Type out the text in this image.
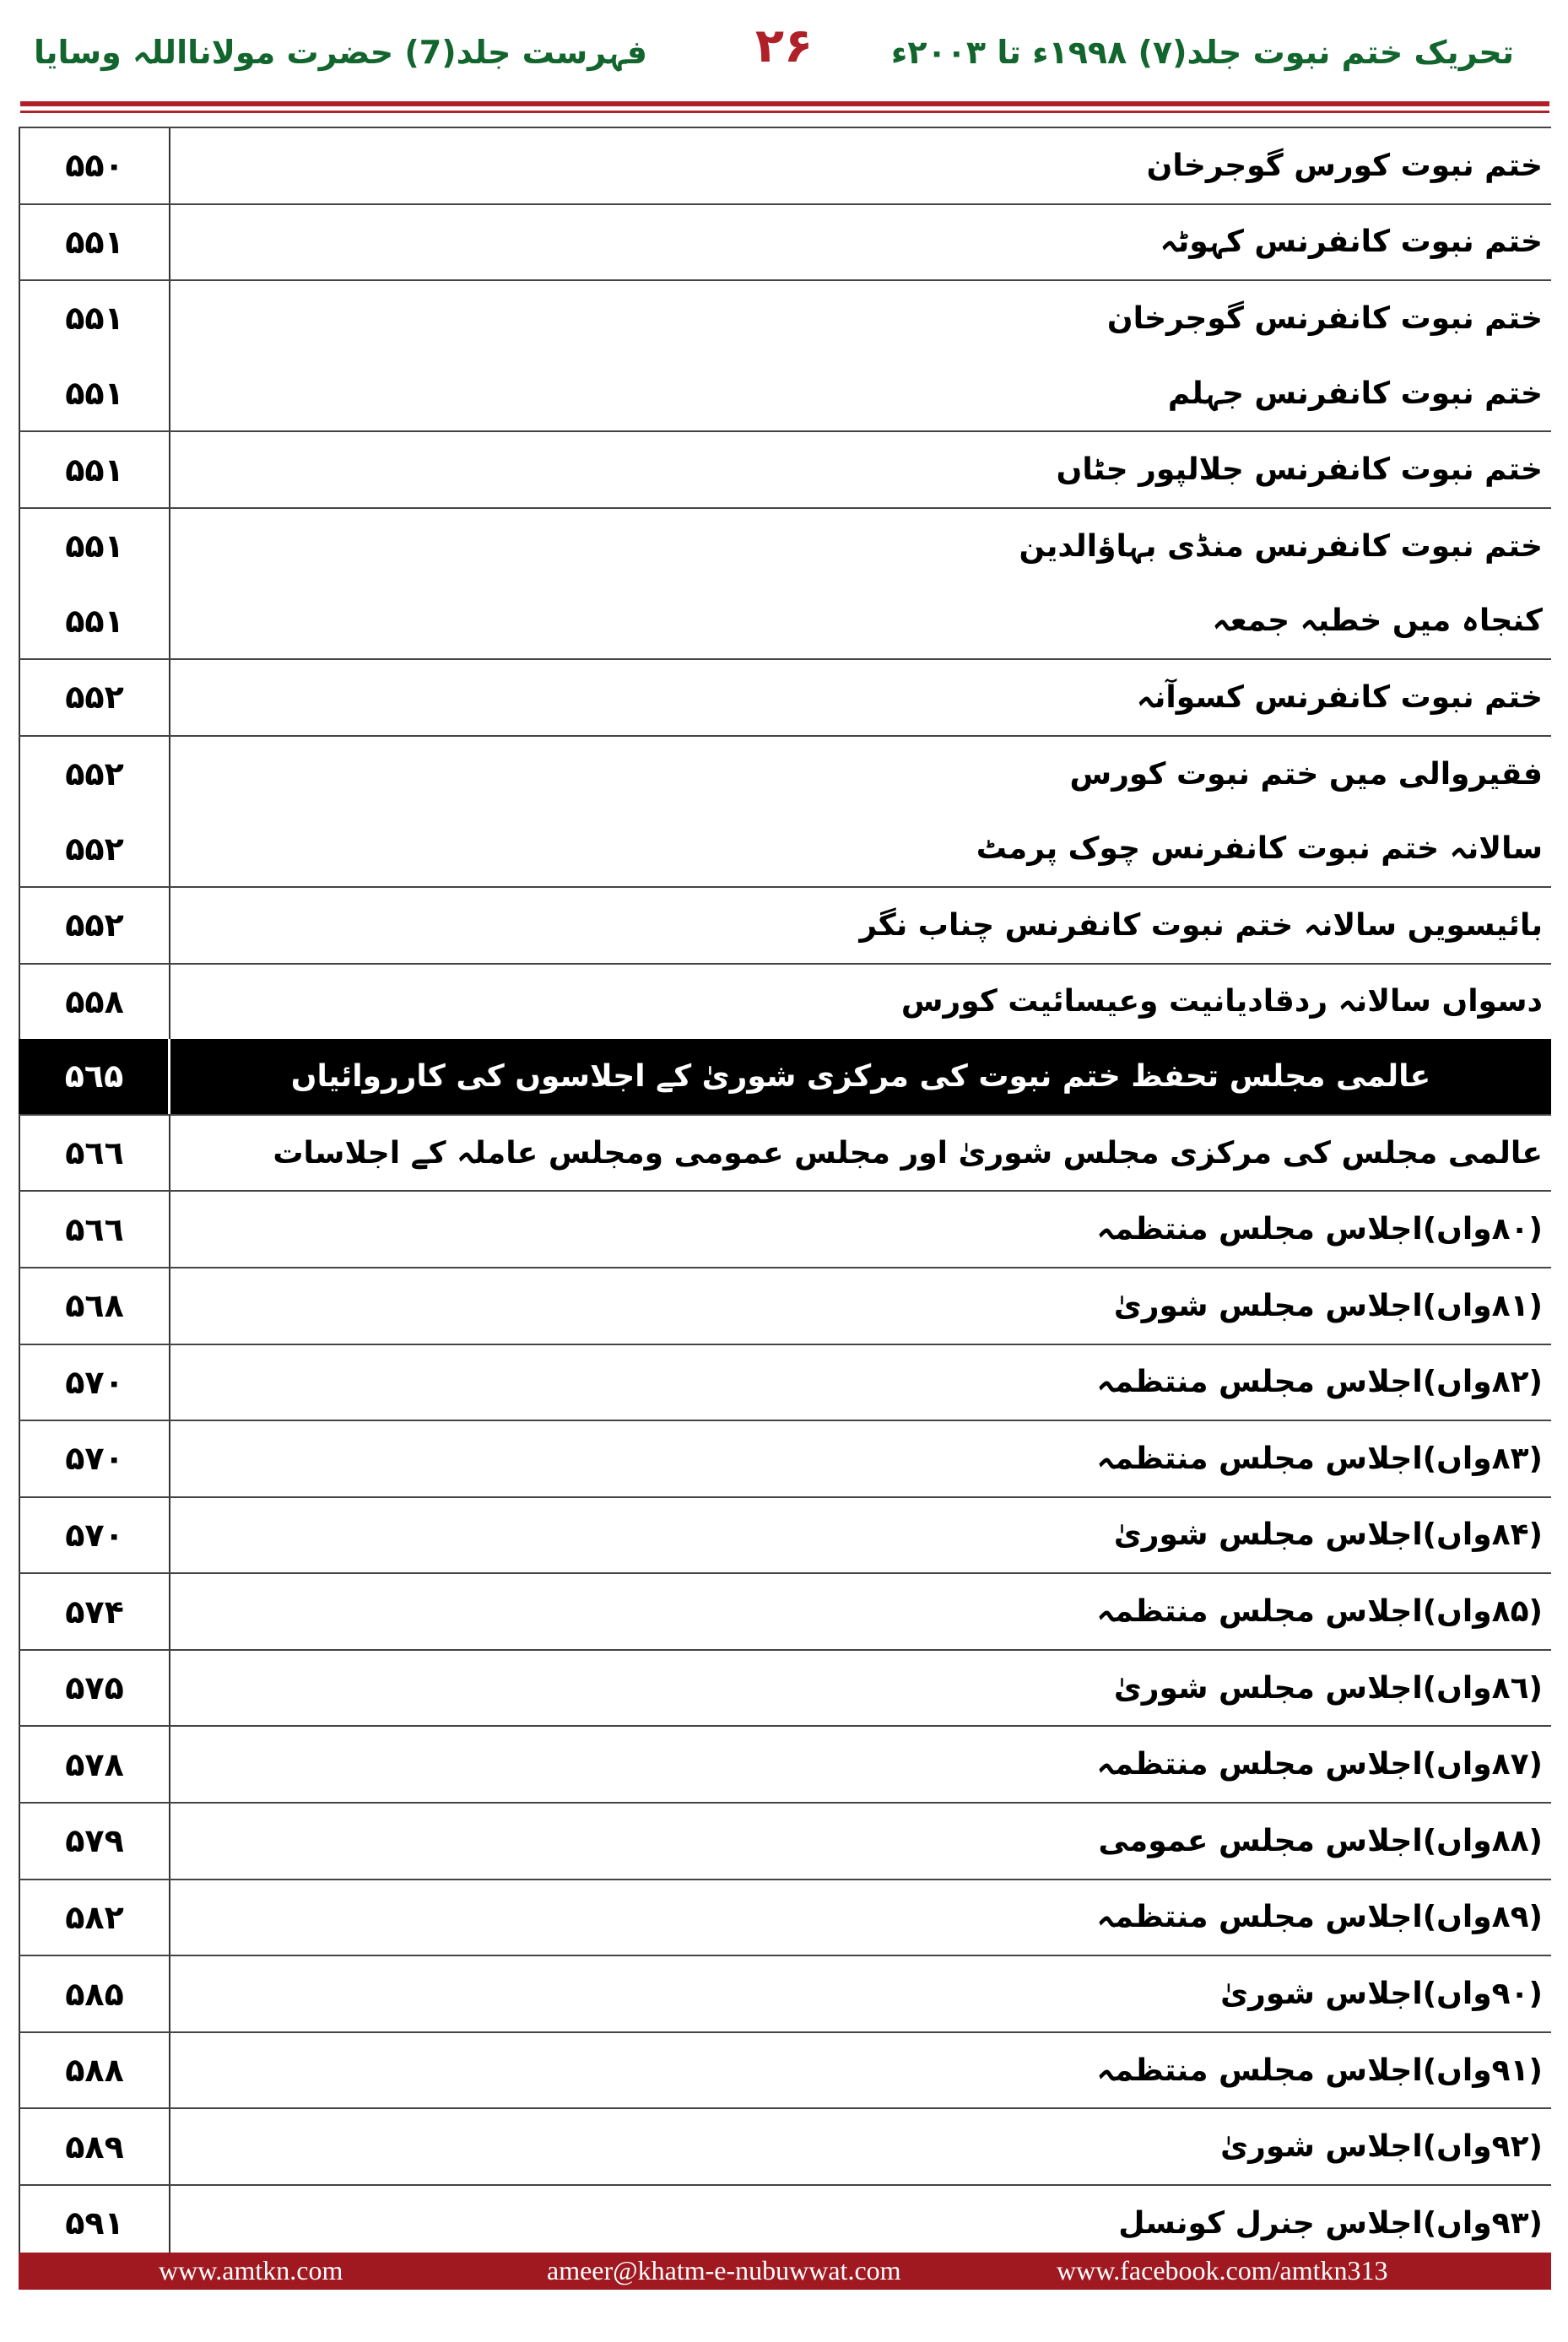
تحریک ختم نبوت جلد(۷) ۱۹۹۸ء تا ۲۰۰۳ء
۲۶
فہرست جلد(7) حضرت مولانااللہ وسایا
۵۵۰	ختم نبوت کورس گوجرخان
۵۵۱	ختم نبوت کانفرنس کہوٹہ
۵۵۱	ختم نبوت کانفرنس گوجرخان
۵۵۱	ختم نبوت کانفرنس جہلم
۵۵۱	ختم نبوت کانفرنس جلالپور جٹاں
۵۵۱	ختم نبوت کانفرنس منڈی بہاؤالدین
۵۵۱	کنجاہ میں خطبہ جمعہ
۵۵۲	ختم نبوت کانفرنس کسوآنہ
۵۵۲	فقیروالی میں ختم نبوت کورس
۵۵۲	سالانہ ختم نبوت کانفرنس چوک پرمٹ
۵۵۲	بائیسویں سالانہ ختم نبوت کانفرنس چناب نگر
۵۵۸	دسواں سالانہ ردقادیانیت وعیسائیت کورس
۵٦۵	عالمی مجلس تحفظ ختم نبوت کی مرکزی شوریٰ کے اجلاسوں کی کارروائیاں
۵٦٦	عالمی مجلس کی مرکزی مجلس شوریٰ اور مجلس عمومی ومجلس عاملہ کے اجلاسات
۵٦٦	(۸۰واں)اجلاس مجلس منتظمہ
۵٦۸	(۸۱واں)اجلاس مجلس شوریٰ
۵۷۰	(۸۲واں)اجلاس مجلس منتظمہ
۵۷۰	(۸۳واں)اجلاس مجلس منتظمہ
۵۷۰	(۸۴واں)اجلاس مجلس شوریٰ
۵۷۴	(۸۵واں)اجلاس مجلس منتظمہ
۵۷۵	(۸٦واں)اجلاس مجلس شوریٰ
۵۷۸	(۸۷واں)اجلاس مجلس منتظمہ
۵۷۹	(۸۸واں)اجلاس مجلس عمومی
۵۸۲	(۸۹واں)اجلاس مجلس منتظمہ
۵۸۵	(۹۰واں)اجلاس شوریٰ
۵۸۸	(۹۱واں)اجلاس مجلس منتظمہ
۵۸۹	(۹۲واں)اجلاس شوریٰ
۵۹۱	(۹۳واں)اجلاس جنرل کونسل
www.amtkn.com	ameer@khatm-e-nubuwwat.com	www.facebook.com/amtkn313
